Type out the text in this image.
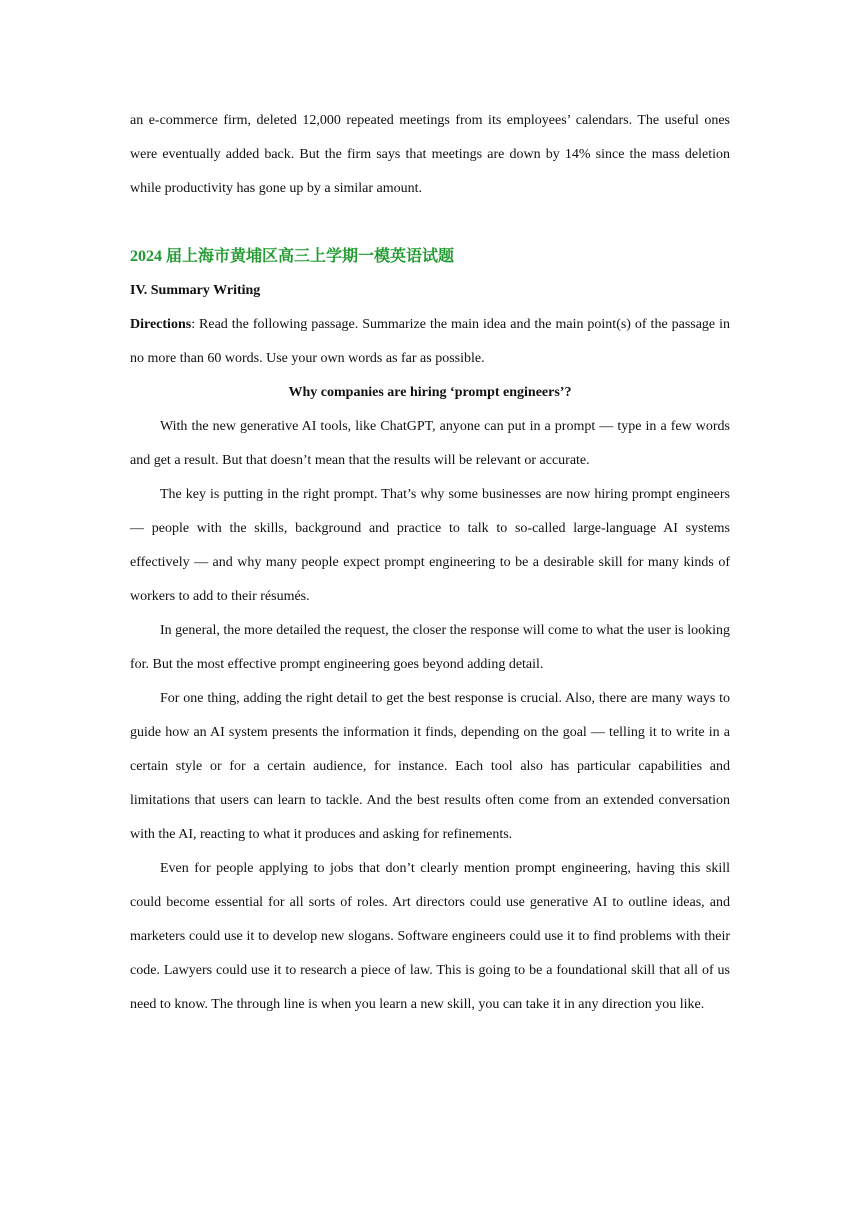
an e-commerce firm, deleted 12,000 repeated meetings from its employees’ calendars. The useful ones were eventually added back. But the firm says that meetings are down by 14% since the mass deletion while productivity has gone up by a similar amount.

2024 届上海市黄埔区高三上学期一模英语试题

IV. Summary Writing

Directions: Read the following passage. Summarize the main idea and the main point(s) of the passage in no more than 60 words. Use your own words as far as possible.

Why companies are hiring ‘prompt engineers’?

With the new generative AI tools, like ChatGPT, anyone can put in a prompt — type in a few words and get a result. But that doesn’t mean that the results will be relevant or accurate.

The key is putting in the right prompt. That’s why some businesses are now hiring prompt engineers — people with the skills, background and practice to talk to so-called large-language AI systems effectively — and why many people expect prompt engineering to be a desirable skill for many kinds of workers to add to their résumés.

In general, the more detailed the request, the closer the response will come to what the user is looking for. But the most effective prompt engineering goes beyond adding detail.

For one thing, adding the right detail to get the best response is crucial. Also, there are many ways to guide how an AI system presents the information it finds, depending on the goal — telling it to write in a certain style or for a certain audience, for instance. Each tool also has particular capabilities and limitations that users can learn to tackle. And the best results often come from an extended conversation with the AI, reacting to what it produces and asking for refinements.

Even for people applying to jobs that don’t clearly mention prompt engineering, having this skill could become essential for all sorts of roles. Art directors could use generative AI to outline ideas, and marketers could use it to develop new slogans. Software engineers could use it to find problems with their code. Lawyers could use it to research a piece of law. This is going to be a foundational skill that all of us need to know. The through line is when you learn a new skill, you can take it in any direction you like.
